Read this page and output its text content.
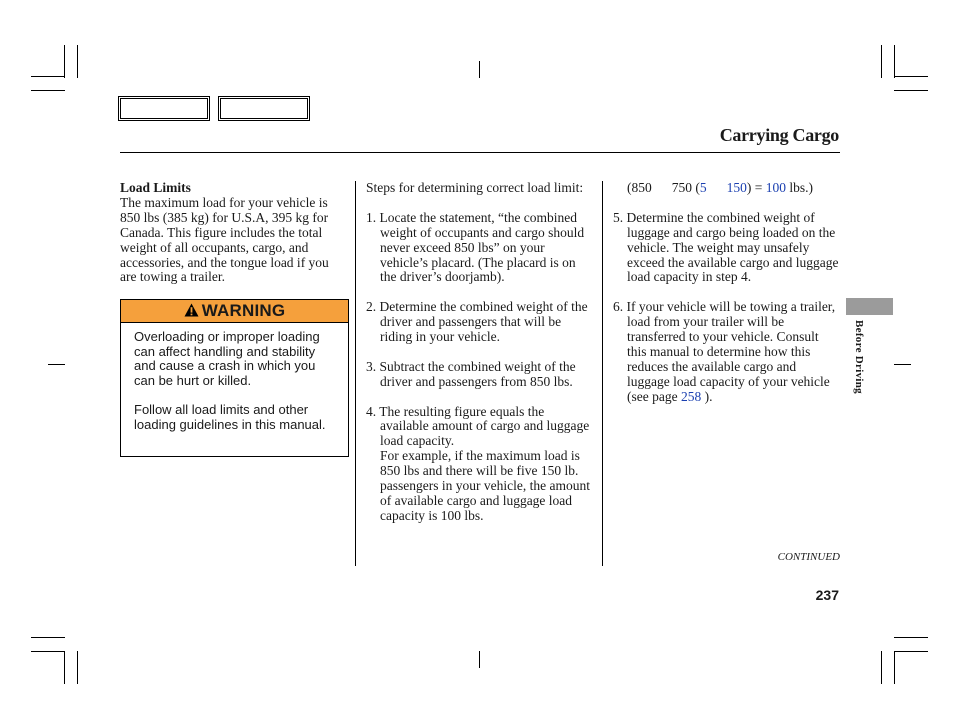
Carrying Cargo
Load Limits
The maximum load for your vehicle is 850 lbs (385 kg) for U.S.A, 395 kg for Canada. This figure includes the total weight of all occupants, cargo, and accessories, and the tongue load if you are towing a trailer.
WARNING

Overloading or improper loading can affect handling and stability and cause a crash in which you can be hurt or killed.

Follow all load limits and other loading guidelines in this manual.

Steps for determining correct load limit:

1. Locate the statement, “the combined weight of occupants and cargo should never exceed 850 lbs” on your vehicle’s placard. (The placard is on the driver’s doorjamb).

2. Determine the combined weight of the driver and passengers that will be riding in your vehicle.

3. Subtract the combined weight of the driver and passengers from 850 lbs.

4. The resulting figure equals the available amount of cargo and luggage load capacity.

For example, if the maximum load is 850 lbs and there will be five 150 lb. passengers in your vehicle, the amount of available cargo and luggage load capacity is 100 lbs.

(850 750 (5 150) = 100 lbs.)

5. Determine the combined weight of luggage and cargo being loaded on the vehicle. The weight may unsafely exceed the available cargo and luggage load capacity in step 4.

6. If your vehicle will be towing a trailer, load from your trailer will be transferred to your vehicle. Consult this manual to determine how this reduces the available cargo and luggage load capacity of your vehicle (see page 258 ).

Before Driving
CONTINUED
237
